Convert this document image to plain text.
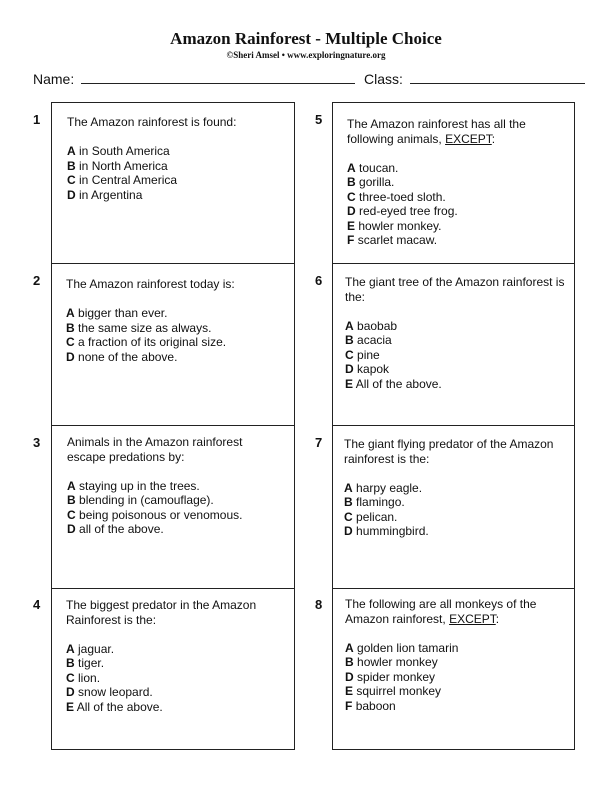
Amazon Rainforest - Multiple Choice
©Sheri Amsel • www.exploringnature.org
Name:	Class:
1 The Amazon rainforest is found:

A in South America

B in North America

C in Central America

D in Argentina

2 The Amazon rainforest today is:

A bigger than ever.

B the same size as always.

C a fraction of its original size.

D none of the above.

3 Animals in the Amazon rainforest escape predations by:

A staying up in the trees.

B blending in (camouflage).

C being poisonous or venomous.

D all of the above.

4 The biggest predator in the Amazon Rainforest is the:

A jaguar.

B tiger.

C lion.

D snow leopard.

E All of the above.

5 The Amazon rainforest has all the following animals, EXCEPT:

A toucan.

B gorilla.

C three-toed sloth.

D red-eyed tree frog.

E howler monkey.

F scarlet macaw.

6 The giant tree of the Amazon rainforest is the:

A baobab

B acacia

C pine

D kapok

E All of the above.

7 The giant flying predator of the Amazon rainforest is the:

A harpy eagle.

B flamingo.

C pelican.

D hummingbird.

8 The following are all monkeys of the Amazon rainforest, EXCEPT:

A golden lion tamarin

B howler monkey

D spider monkey

E squirrel monkey

F baboon
